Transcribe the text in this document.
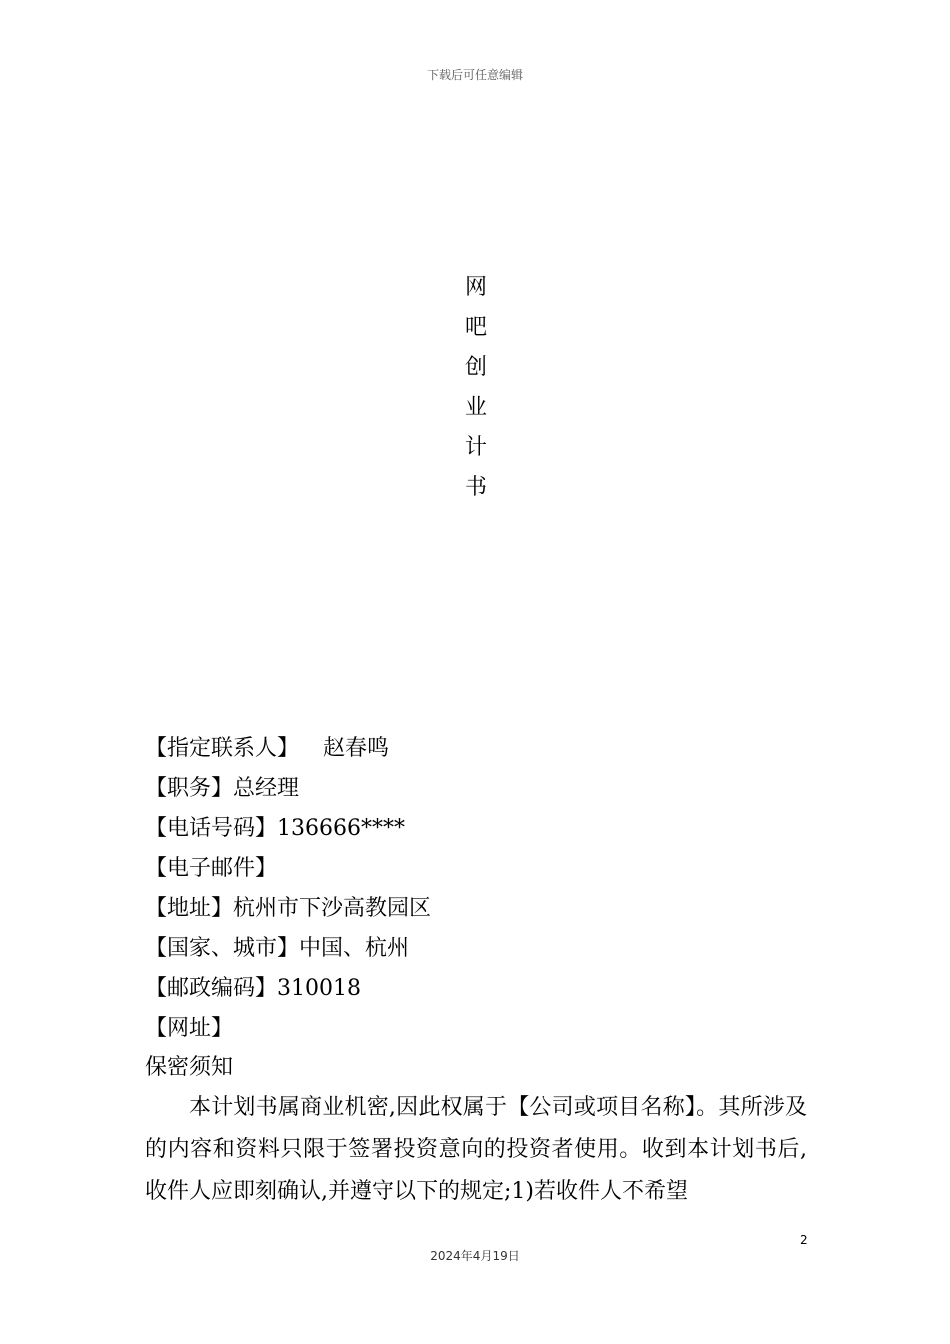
下载后可任意编辑
网
吧
创
业
计
书
【指定联系人】 赵春鸣
【职务】总经理
【电话号码】136666****
【电子邮件】
【地址】杭州市下沙高教园区
【国家、城市】中国、杭州
【邮政编码】310018
【网址】
保密须知
本计划书属商业机密,因此权属于【公司或项目名称】。其所涉及的内容和资料只限于签署投资意向的投资者使用。收到本计划书后,收件人应即刻确认,并遵守以下的规定;1)若收件人不希望
2
2024年4月19日
